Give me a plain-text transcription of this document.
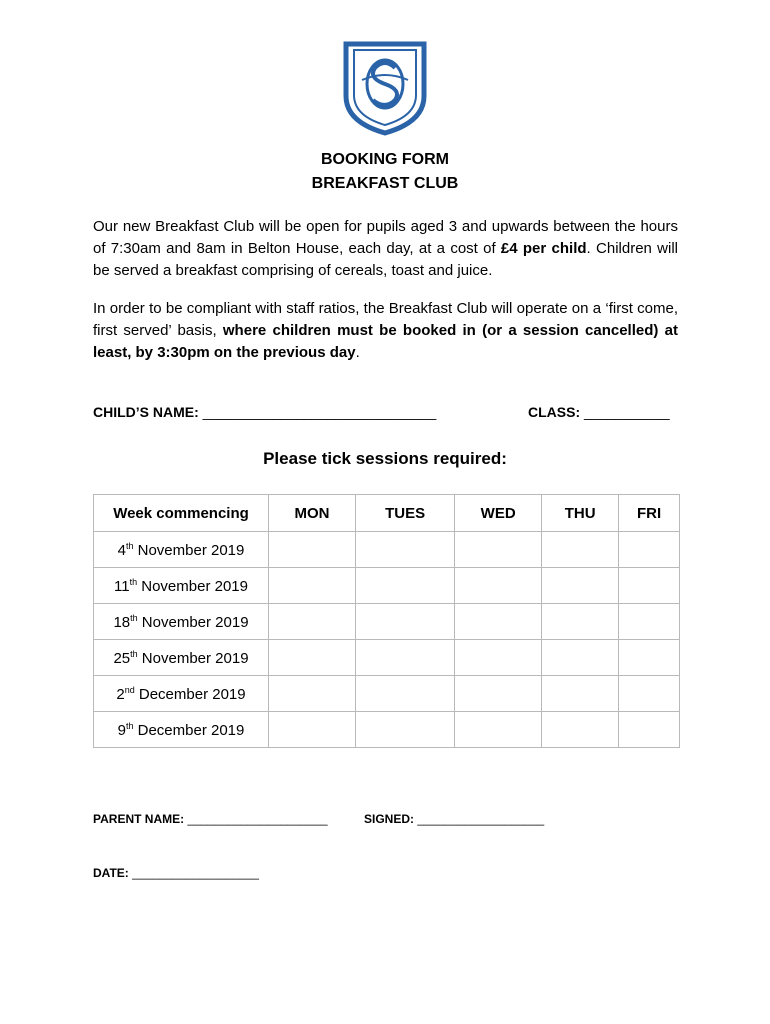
BOOKING FORM
BREAKFAST CLUB
Our new Breakfast Club will be open for pupils aged 3 and upwards between the hours of 7:30am and 8am in Belton House, each day, at a cost of £4 per child. Children will be served a breakfast comprising of cereals, toast and juice.
In order to be compliant with staff ratios, the Breakfast Club will operate on a ‘first come, first served’ basis, where children must be booked in (or a session cancelled) at least, by 3:30pm on the previous day.
CHILD’S NAME: ______________________________	CLASS: ___________
Please tick sessions required:
Week commencing	MON	TUES	WED	THU	FRI
4th November 2019					
11th November 2019					
18th November 2019					
25th November 2019					
2nd December 2019					
9th December 2019					
PARENT NAME: _____________________	SIGNED: ___________________
DATE: ___________________
